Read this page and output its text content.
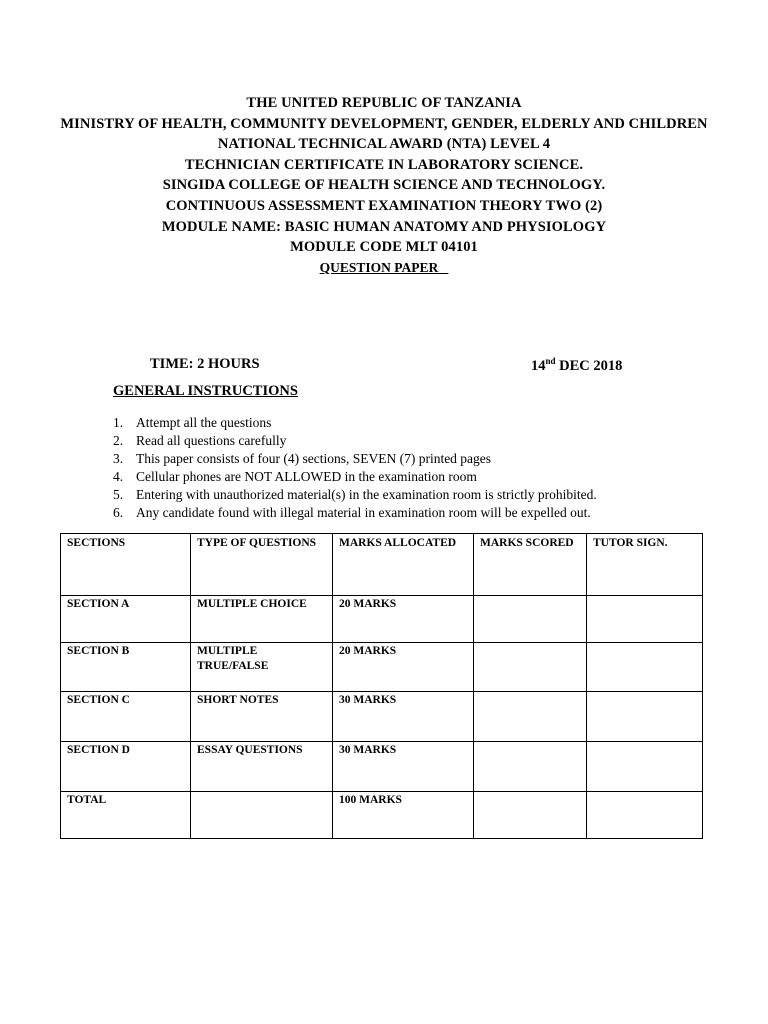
THE UNITED REPUBLIC OF TANZANIA
MINISTRY OF HEALTH, COMMUNITY DEVELOPMENT, GENDER, ELDERLY AND CHILDREN
NATIONAL TECHNICAL AWARD (NTA) LEVEL 4
TECHNICIAN CERTIFICATE IN LABORATORY SCIENCE.
SINGIDA COLLEGE OF HEALTH SCIENCE AND TECHNOLOGY.
CONTINUOUS ASSESSMENT EXAMINATION THEORY TWO (2)
MODULE NAME: BASIC HUMAN ANATOMY AND PHYSIOLOGY
MODULE CODE MLT 04101
QUESTION PAPER
TIME: 2 HOURS	14nd DEC 2018
GENERAL INSTRUCTIONS
1. Attempt all the questions
2. Read all questions carefully
3. This paper consists of four (4) sections, SEVEN (7) printed pages
4. Cellular phones are NOT ALLOWED in the examination room
5. Entering with unauthorized material(s) in the examination room is strictly prohibited.
6. Any candidate found with illegal material in examination room will be expelled out.
SECTIONS	TYPE OF QUESTIONS	MARKS ALLOCATED	MARKS SCORED	TUTOR SIGN.

SECTION A	MULTIPLE CHOICE	20 MARKS		
SECTION B	MULTIPLE TRUE/FALSE	20 MARKS		
SECTION C	SHORT NOTES	30 MARKS		
SECTION D	ESSAY QUESTIONS	30 MARKS		
TOTAL		100 MARKS		
